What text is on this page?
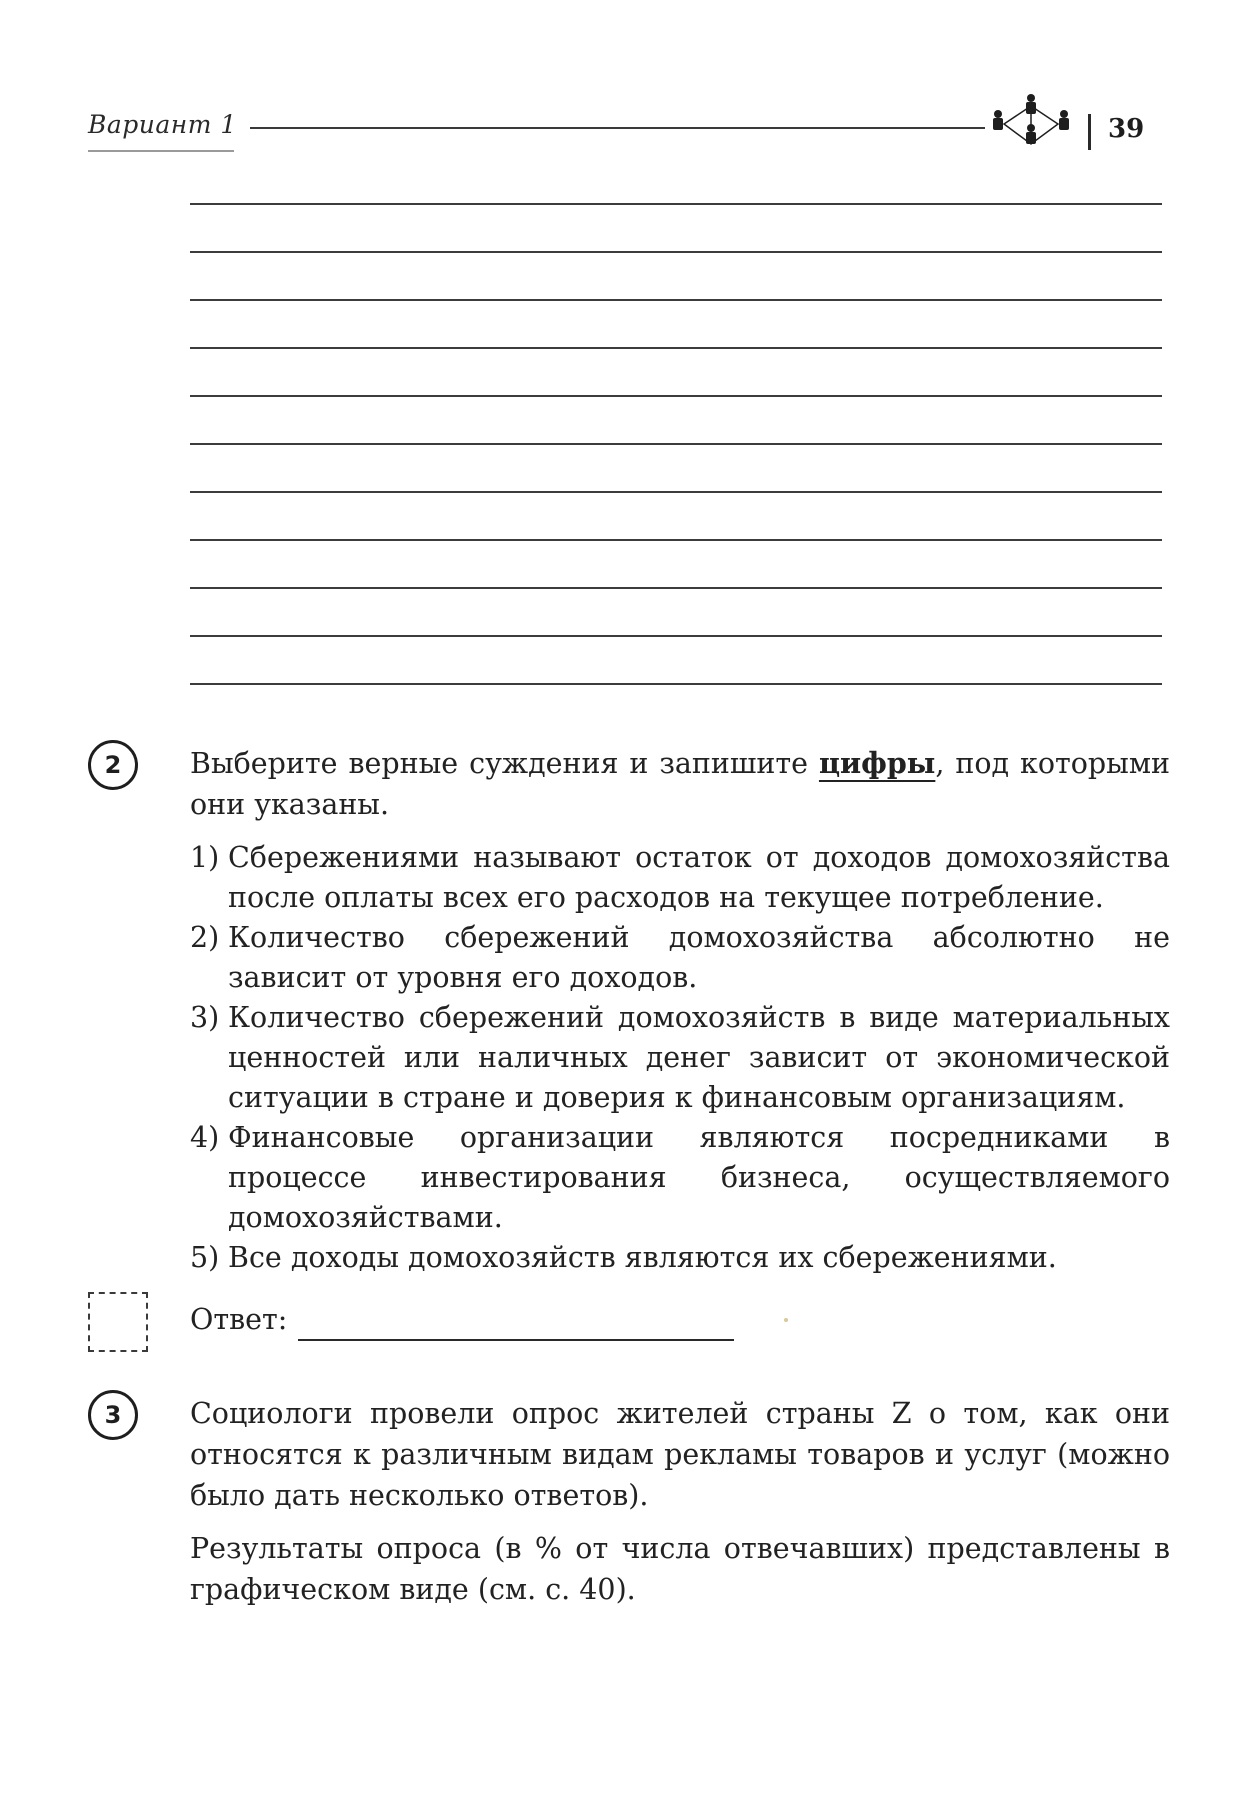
Вариант 1	39
2	Выберите верные суждения и запишите цифры, под которыми они указаны.

1) Сбережениями называют остаток от доходов домохозяйства после оплаты всех его расходов на текущее потребление.
2) Количество сбережений домохозяйства абсолютно не зависит от уровня его доходов.
3) Количество сбережений домохозяйств в виде материальных ценностей или наличных денег зависит от экономической ситуации в стране и доверия к финансовым организациям.
4) Финансовые организации являются посредниками в процессе инвестирования бизнеса, осуществляемого домохозяйствами.
5) Все доходы домохозяйств являются их сбережениями.
Ответ:
3	Социологи провели опрос жителей страны Z о том, как они относятся к различным видам рекламы товаров и услуг (можно было дать несколько ответов).

Результаты опроса (в % от числа отвечавших) представлены в графическом виде (см. с. 40).
